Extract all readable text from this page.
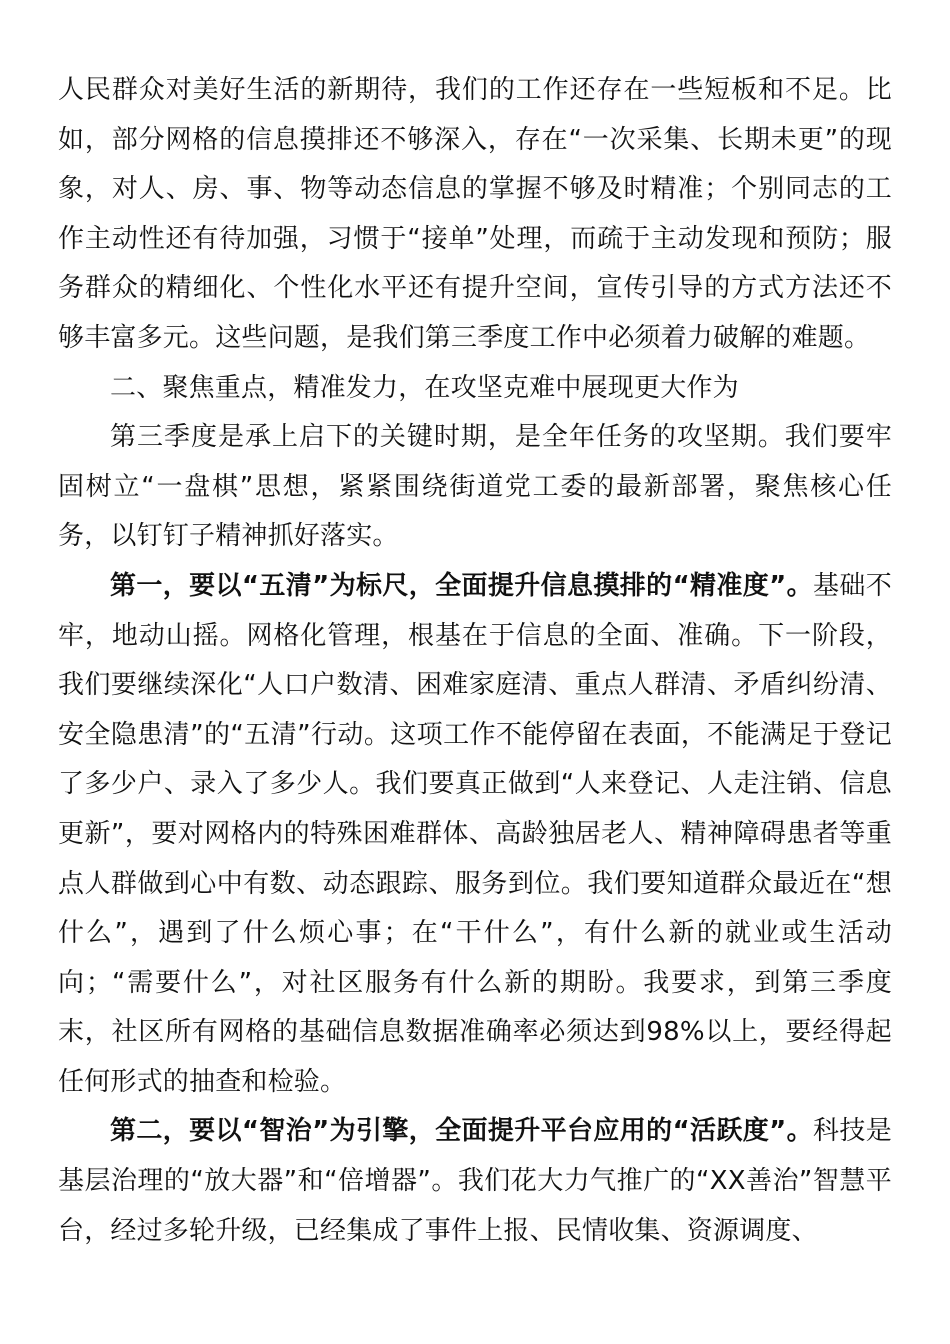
人民群众对美好生活的新期待，我们的工作还存在一些短板和不足。比如，部分网格的信息摸排还不够深入，存在“一次采集、长期未更”的现象，对人、房、事、物等动态信息的掌握不够及时精准；个别同志的工作主动性还有待加强，习惯于“接单”处理，而疏于主动发现和预防；服务群众的精细化、个性化水平还有提升空间，宣传引导的方式方法还不够丰富多元。这些问题，是我们第三季度工作中必须着力破解的难题。

二、聚焦重点，精准发力，在攻坚克难中展现更大作为

第三季度是承上启下的关键时期，是全年任务的攻坚期。我们要牢固树立“一盘棋”思想，紧紧围绕街道党工委的最新部署，聚焦核心任务，以钉钉子精神抓好落实。

第一，要以“五清”为标尺，全面提升信息摸排的“精准度”。基础不牢，地动山摇。网格化管理，根基在于信息的全面、准确。下一阶段，我们要继续深化“人口户数清、困难家庭清、重点人群清、矛盾纠纷清、安全隐患清”的“五清”行动。这项工作不能停留在表面，不能满足于登记了多少户、录入了多少人。我们要真正做到“人来登记、人走注销、信息更新”，要对网格内的特殊困难群体、高龄独居老人、精神障碍患者等重点人群做到心中有数、动态跟踪、服务到位。我们要知道群众最近在“想什么”，遇到了什么烦心事；在“干什么”，有什么新的就业或生活动向；“需要什么”，对社区服务有什么新的期盼。我要求，到第三季度末，社区所有网格的基础信息数据准确率必须达到98%以上，要经得起任何形式的抽查和检验。

第二，要以“智治”为引擎，全面提升平台应用的“活跃度”。科技是基层治理的“放大器”和“倍增器”。我们花大力气推广的“XX善治”智慧平台，经过多轮升级，已经集成了事件上报、民情收集、资源调度、
